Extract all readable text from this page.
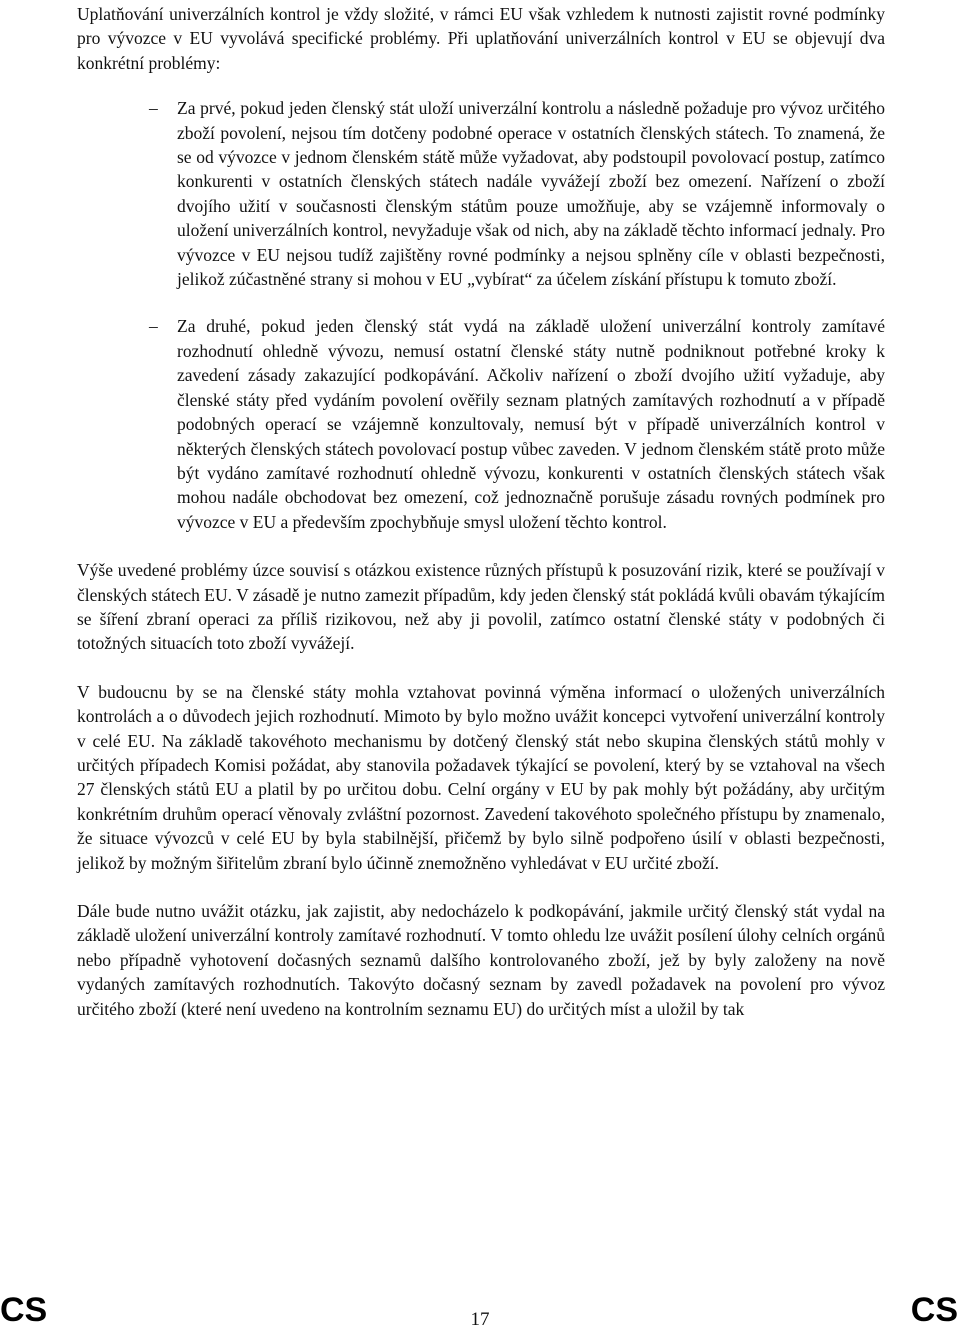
Uplatňování univerzálních kontrol je vždy složité, v rámci EU však vzhledem k nutnosti zajistit rovné podmínky pro vývozce v EU vyvolává specifické problémy. Při uplatňování univerzálních kontrol v EU se objevují dva konkrétní problémy:

–	Za prvé, pokud jeden členský stát uloží univerzální kontrolu a následně požaduje pro vývoz určitého zboží povolení, nejsou tím dotčeny podobné operace v ostatních členských státech. To znamená, že se od vývozce v jednom členském státě může vyžadovat, aby podstoupil povolovací postup, zatímco konkurenti v ostatních členských státech nadále vyvážejí zboží bez omezení. Nařízení o zboží dvojího užití v současnosti členským státům pouze umožňuje, aby se vzájemně informovaly o uložení univerzálních kontrol, nevyžaduje však od nich, aby na základě těchto informací jednaly. Pro vývozce v EU nejsou tudíž zajištěny rovné podmínky a nejsou splněny cíle v oblasti bezpečnosti, jelikož zúčastněné strany si mohou v EU „vybírat“ za účelem získání přístupu k tomuto zboží.
–	Za druhé, pokud jeden členský stát vydá na základě uložení univerzální kontroly zamítavé rozhodnutí ohledně vývozu, nemusí ostatní členské státy nutně podniknout potřebné kroky k zavedení zásady zakazující podkopávání. Ačkoliv nařízení o zboží dvojího užití vyžaduje, aby členské státy před vydáním povolení ověřily seznam platných zamítavých rozhodnutí a v případě podobných operací se vzájemně konzultovaly, nemusí být v případě univerzálních kontrol v některých členských státech povolovací postup vůbec zaveden. V jednom členském státě proto může být vydáno zamítavé rozhodnutí ohledně vývozu, konkurenti v ostatních členských státech však mohou nadále obchodovat bez omezení, což jednoznačně porušuje zásadu rovných podmínek pro vývozce v EU a především zpochybňuje smysl uložení těchto kontrol.

Výše uvedené problémy úzce souvisí s otázkou existence různých přístupů k posuzování rizik, které se používají v členských státech EU. V zásadě je nutno zamezit případům, kdy jeden členský stát pokládá kvůli obavám týkajícím se šíření zbraní operaci za příliš rizikovou, než aby ji povolil, zatímco ostatní členské státy v podobných či totožných situacích toto zboží vyvážejí.

V budoucnu by se na členské státy mohla vztahovat povinná výměna informací o uložených univerzálních kontrolách a o důvodech jejich rozhodnutí. Mimoto by bylo možno uvážit koncepci vytvoření univerzální kontroly v celé EU. Na základě takovéhoto mechanismu by dotčený členský stát nebo skupina členských států mohly v určitých případech Komisi požádat, aby stanovila požadavek týkající se povolení, který by se vztahoval na všech 27 členských států EU a platil by po určitou dobu. Celní orgány v EU by pak mohly být požádány, aby určitým konkrétním druhům operací věnovaly zvláštní pozornost. Zavedení takovéhoto společného přístupu by znamenalo, že situace vývozců v celé EU by byla stabilnější, přičemž by bylo silně podpořeno úsilí v oblasti bezpečnosti, jelikož by možným šiřitelům zbraní bylo účinně znemožněno vyhledávat v EU určité zboží.

Dále bude nutno uvážit otázku, jak zajistit, aby nedocházelo k podkopávání, jakmile určitý členský stát vydal na základě uložení univerzální kontroly zamítavé rozhodnutí. V tomto ohledu lze uvážit posílení úlohy celních orgánů nebo případně vyhotovení dočasných seznamů dalšího kontrolovaného zboží, jež by byly založeny na nově vydaných zamítavých rozhodnutích. Takovýto dočasný seznam by zavedl požadavek na povolení pro vývoz určitého zboží (které není uvedeno na kontrolním seznamu EU) do určitých míst a uložil by tak

CS	17	CS
